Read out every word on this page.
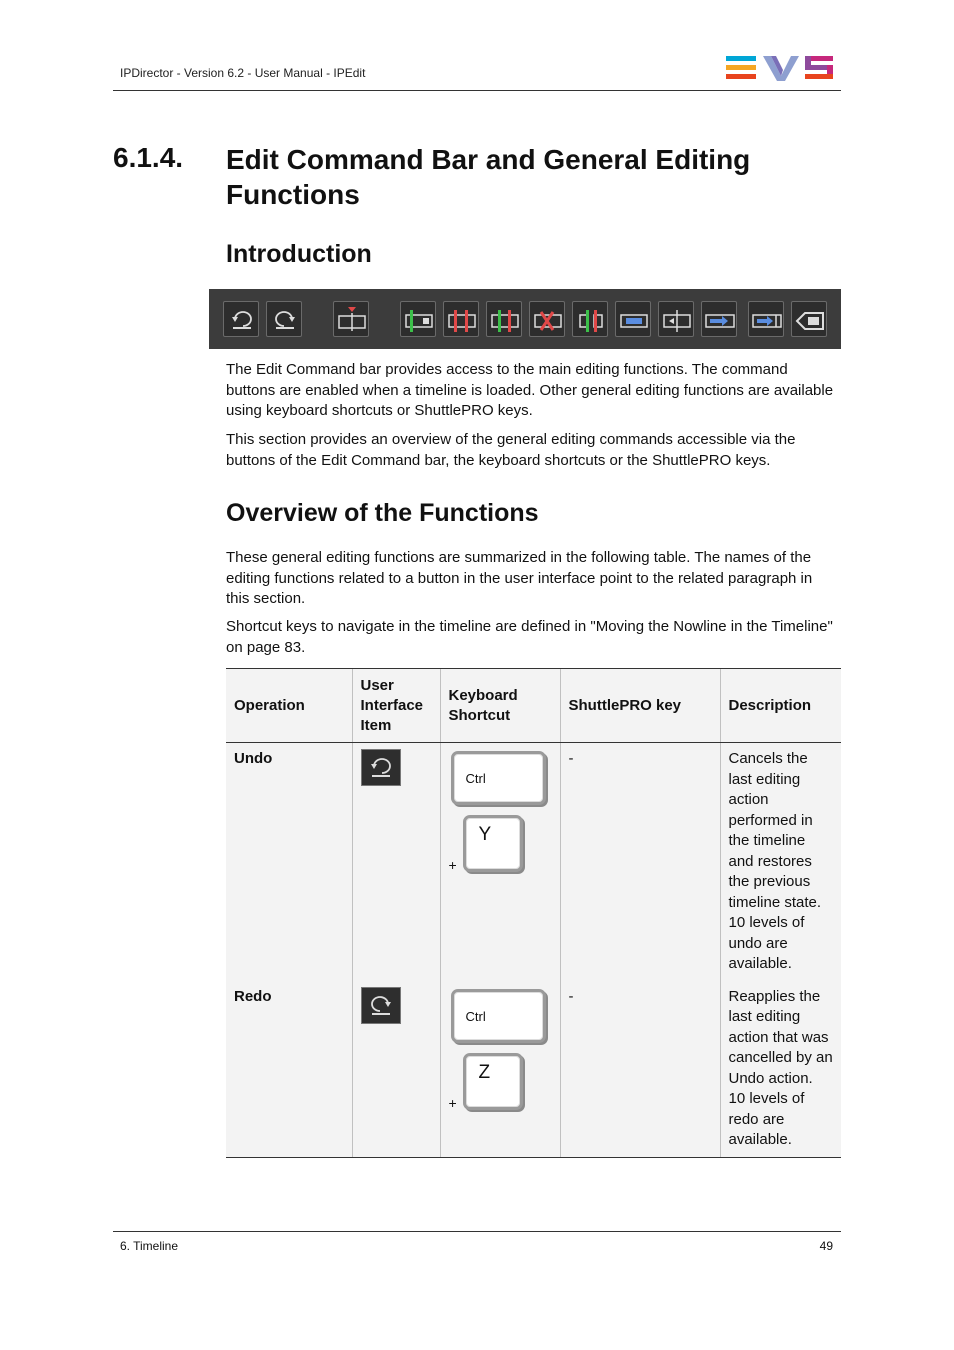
IPDirector - Version 6.2 - User Manual - IPEdit
6.1.4. Edit Command Bar and General Editing Functions
Introduction
The Edit Command bar provides access to the main editing functions. The command buttons are enabled when a timeline is loaded. Other general editing functions are available using keyboard shortcuts or ShuttlePRO keys.
This section provides an overview of the general editing commands accessible via the buttons of the Edit Command bar, the keyboard shortcuts or the ShuttlePRO keys.
Overview of the Functions
These general editing functions are summarized in the following table. The names of the editing functions related to a button in the user interface point to the related paragraph in this section.
Shortcut keys to navigate in the timeline are defined in "Moving the Nowline in the Timeline" on page 83.
Operation	User Interface Item	Keyboard Shortcut	ShuttlePRO key	Description
Undo		Ctrl
+
Y	-	Cancels the last editing action performed in the timeline and restores the previous timeline state. 10 levels of undo are available.
Redo		Ctrl
+
Z	-	Reapplies the last editing action that was cancelled by an Undo action. 10 levels of redo are available.
6. Timeline	49
